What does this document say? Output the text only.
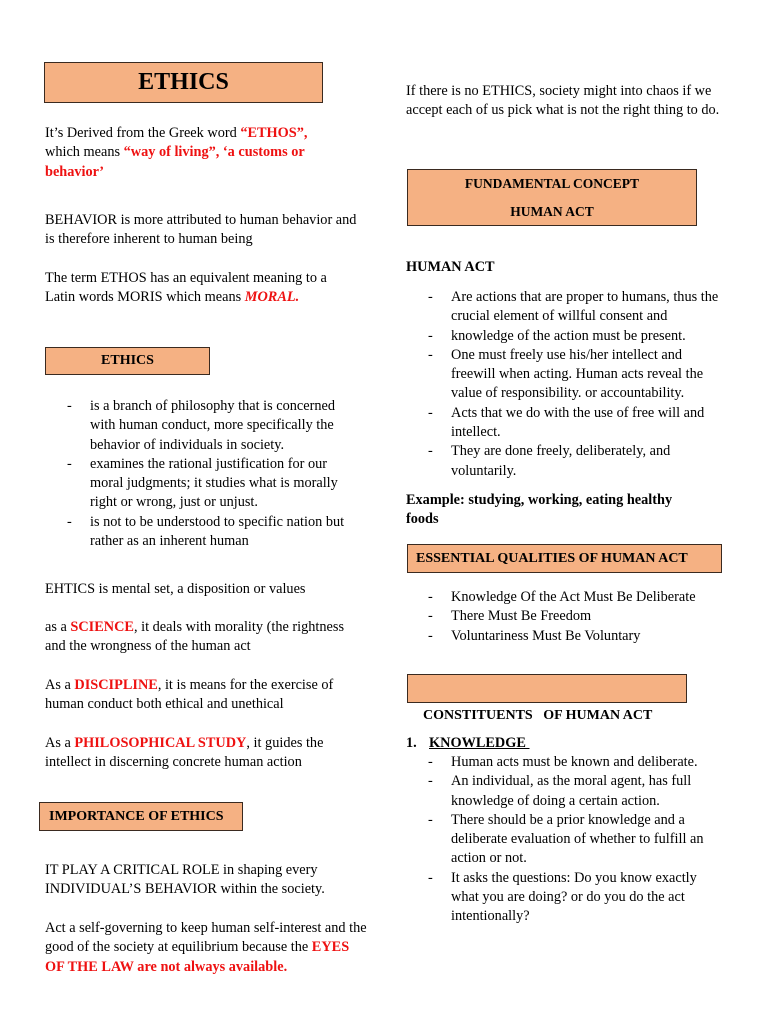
ETHICS

It’s Derived from the Greek word “ETHOS”,
which means “way of living”, ‘a customs or behavior’

BEHAVIOR is more attributed to human behavior and is therefore inherent to human being

The term ETHOS has an equivalent meaning to a Latin words MORIS which means MORAL.

ETHICS
- is a branch of philosophy that is concerned with human conduct, more specifically the behavior of individuals in society.
- examines the rational justification for our moral judgments; it studies what is morally right or wrong, just or unjust.
- is not to be understood to specific nation but rather as an inherent human

EHTICS is mental set, a disposition or values

as a SCIENCE, it deals with morality (the rightness and the wrongness of the human act

As a DISCIPLINE, it is means for the exercise of human conduct both ethical and unethical

As a PHILOSOPHICAL STUDY, it guides the intellect in discerning concrete human action

IMPORTANCE OF ETHICS

IT PLAY A CRITICAL ROLE in shaping every INDIVIDUAL’S BEHAVIOR within the society.

Act a self-governing to keep human self-interest and the good of the society at equilibrium because the EYES OF THE LAW are not always available.

If there is no ETHICS, society might into chaos if we accept each of us pick what is not the right thing to do.

FUNDAMENTAL CONCEPT
HUMAN ACT

HUMAN ACT

- Are actions that are proper to humans, thus the crucial element of willful consent and
- knowledge of the action must be present.
- One must freely use his/her intellect and freewill when acting. Human acts reveal the value of responsibility. or accountability.
- Acts that we do with the use of free will and intellect.
- They are done freely, deliberately, and voluntarily.

Example: studying, working, eating healthy foods

ESSENTIAL QUALITIES OF HUMAN ACT
- Knowledge Of the Act Must Be Deliberate
- There Must Be Freedom
- Voluntariness Must Be Voluntary

CONSTITUENTS   OF HUMAN ACT

1. KNOWLEDGE

- Human acts must be known and deliberate.
- An individual, as the moral agent, has full knowledge of doing a certain action.
- There should be a prior knowledge and a deliberate evaluation of whether to fulfill an action or not.
- It asks the questions: Do you know exactly what you are doing? or do you do the act intentionally?
